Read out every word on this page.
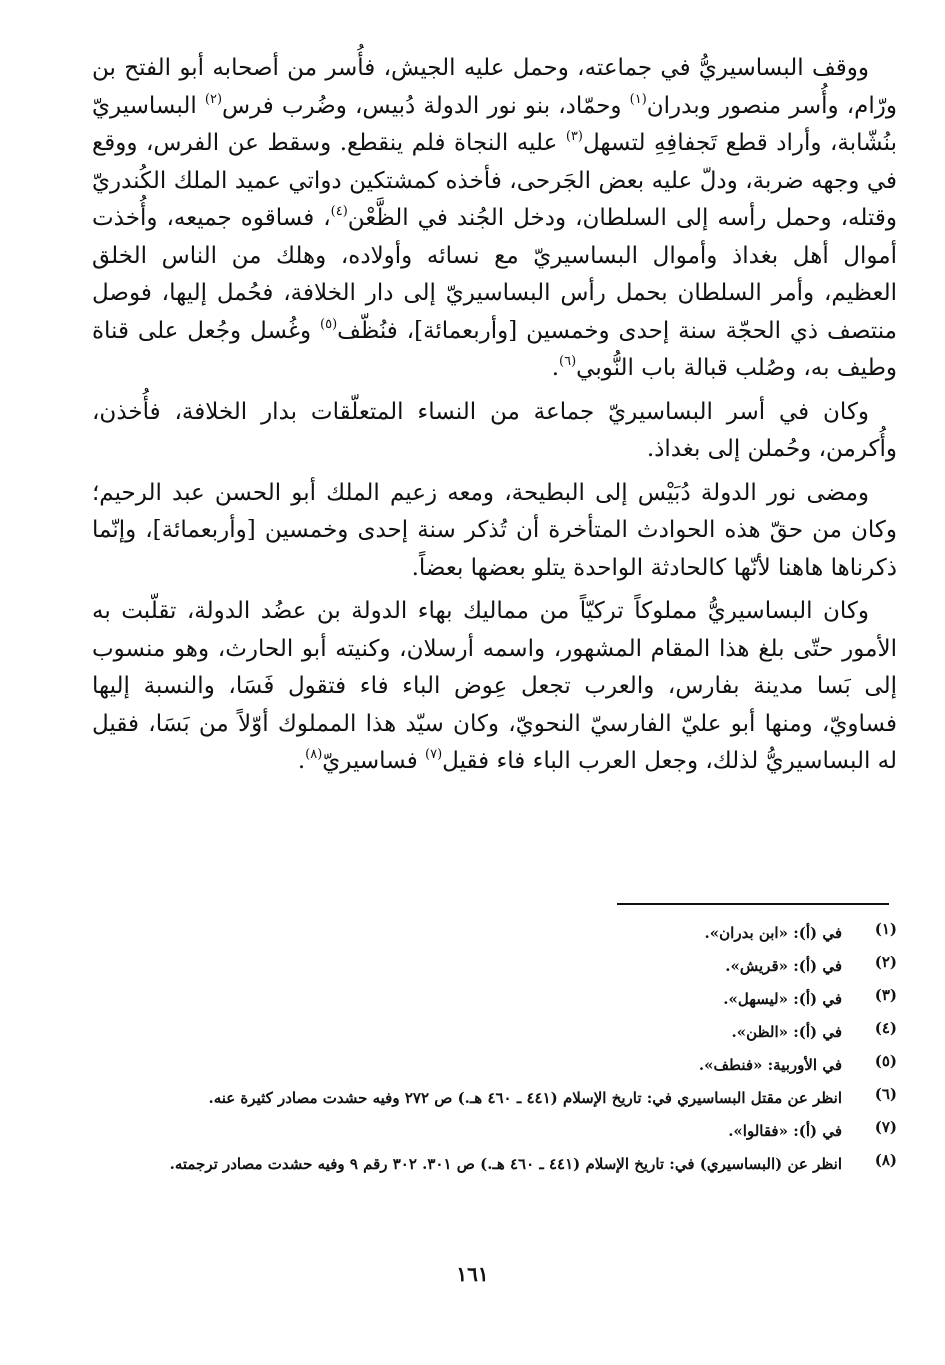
ووقف البساسيريُّ في جماعته، وحمل عليه الجيش، فأُسر من أصحابه أبو الفتح بن ورّام، وأُسر منصور وبدران$^{(١)}$ وحمّاد، بنو نور الدولة دُبيس، وضُرب فرس$^{(٢)}$ البساسيريّ بنُشّابة، وأراد قطع تَجفافِهِ لتسهل$^{(٣)}$ عليه النجاة فلم ينقطع. وسقط عن الفرس، ووقع في وجهه ضربة، ودلّ عليه بعض الجَرحى، فأخذه كمشتكين دواتي عميد الملك الكُندريّ وقتله، وحمل رأسه إلى السلطان، ودخل الجُند في الظَّعْن$^{(٤)}$، فساقوه جميعه، وأُخذت أموال أهل بغداذ وأموال البساسيريّ مع نسائه وأولاده، وهلك من الناس الخلق العظيم، وأمر السلطان بحمل رأس البساسيريّ إلى دار الخلافة، فحُمل إليها، فوصل منتصف ذي الحجّة سنة إحدى وخمسين [وأربعمائة]، فنُظّف$^{(٥)}$ وغُسل وجُعل على قناة وطيف به، وصُلب قبالة باب النُّوبي$^{(٦)}$.

وكان في أسر البساسيريّ جماعة من النساء المتعلّقات بدار الخلافة، فأُخذن، وأُكرمن، وحُملن إلى بغداذ.

ومضى نور الدولة دُبَيْس إلى البطيحة، ومعه زعيم الملك أبو الحسن عبد الرحيم؛ وكان من حقّ هذه الحوادث المتأخرة أن تُذكر سنة إحدى وخمسين [وأربعمائة]، وإنّما ذكرناها هاهنا لأنّها كالحادثة الواحدة يتلو بعضها بعضاً.

وكان البساسيريُّ مملوكاً تركيّاً من مماليك بهاء الدولة بن عضُد الدولة، تقلّبت به الأمور حتّى بلغ هذا المقام المشهور، واسمه أرسلان، وكنيته أبو الحارث، وهو منسوب إلى بَسا مدينة بفارس، والعرب تجعل عِوض الباء فاء فتقول فَسَا، والنسبة إليها فساويّ، ومنها أبو عليّ الفارسيّ النحويّ، وكان سيّد هذا المملوك أوّلاً من بَسَا، فقيل له البساسيريُّ لذلك، وجعل العرب الباء فاء فقيل$^{(٧)}$ فساسيريّ$^{(٨)}$.

(١)
في (أ): «ابن بدران».
(٢)
في (أ): «قريش».
(٣)
في (أ): «ليسهل».
(٤)
في (أ): «الظن».
(٥)
في الأوربية: «فنطف».
(٦)
انظر عن مقتل البساسيري في: تاريخ الإسلام (٤٤١ ـ ٤٦٠ هـ.) ص ٢٧٢ وفيه حشدت مصادر كثيرة عنه.
(٧)
في (أ): «فقالوا».
(٨)
انظر عن (البساسيري) في: تاريخ الإسلام (٤٤١ ـ ٤٦٠ هـ.) ص ٣٠١. ٣٠٢ رقم ٩ وفيه حشدت مصادر ترجمته.
١٦١
